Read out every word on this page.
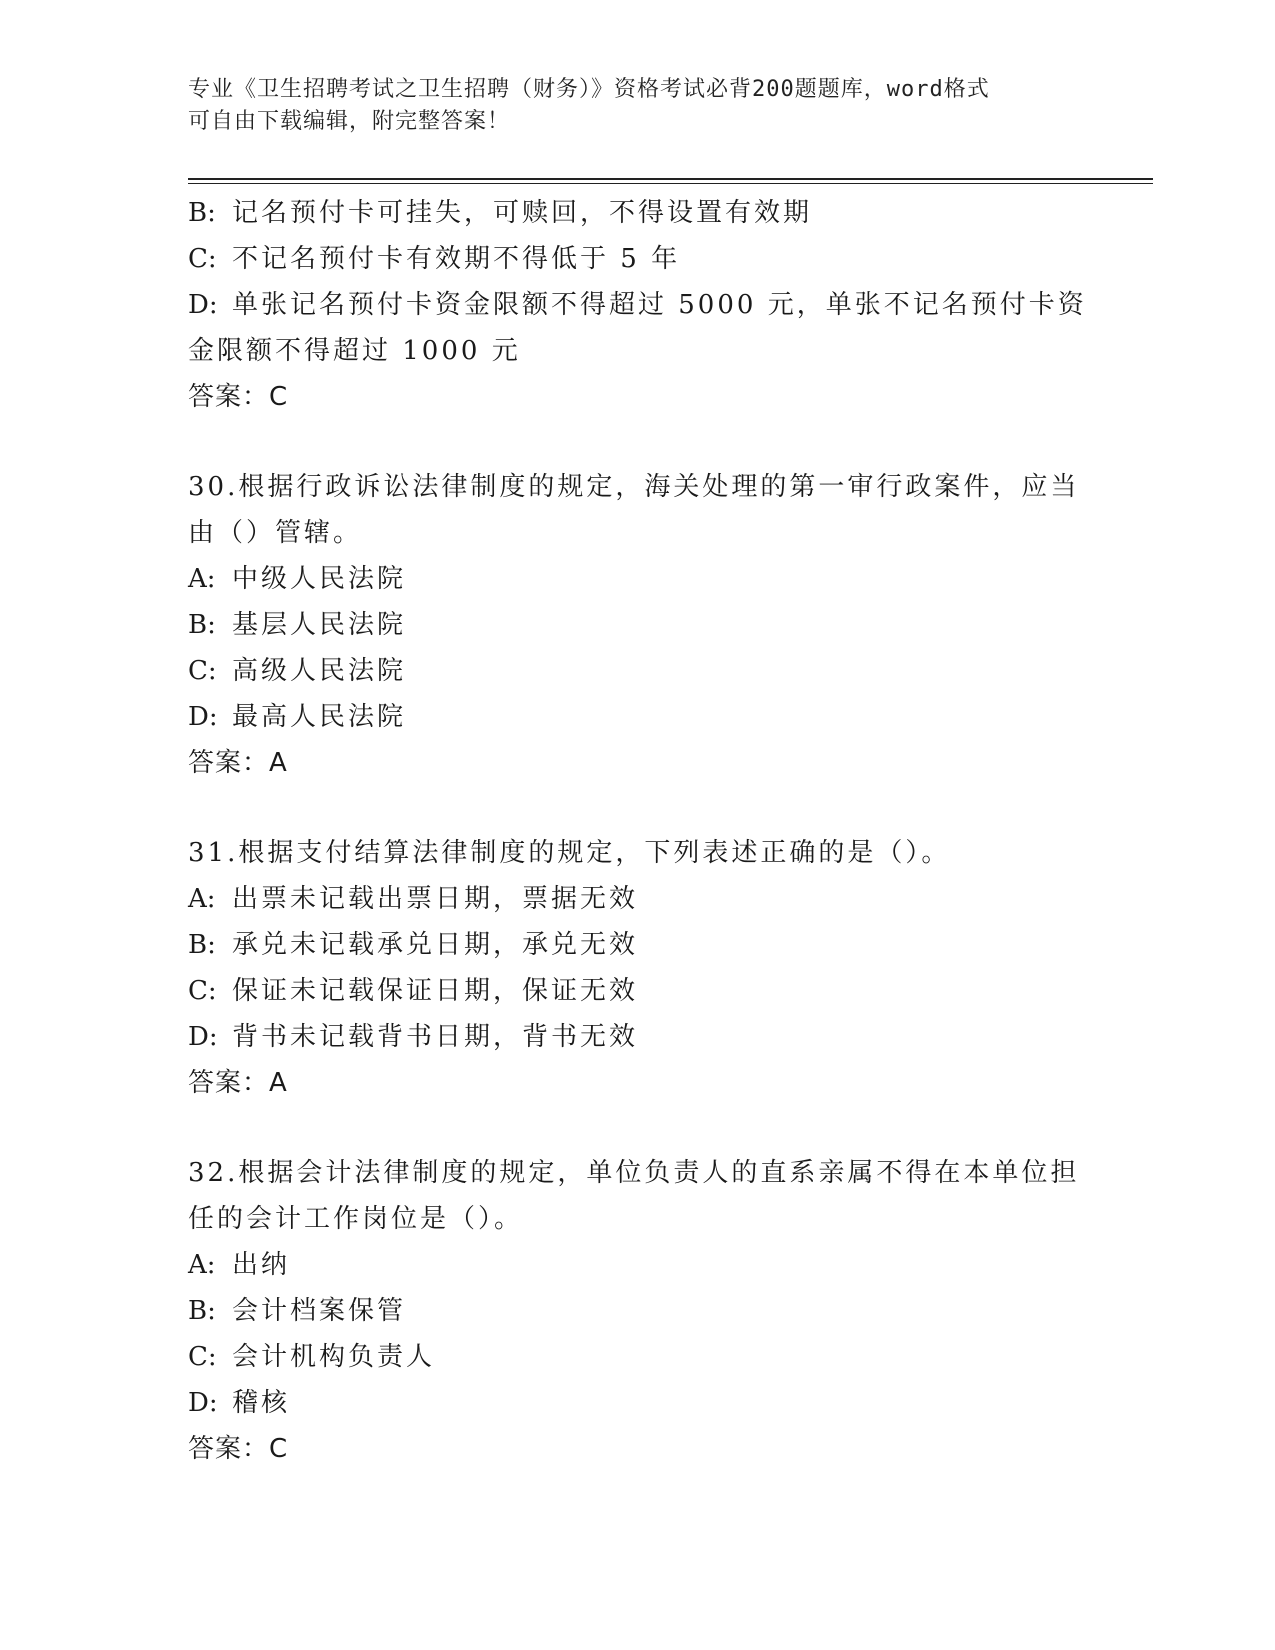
专业《卫生招聘考试之卫生招聘（财务）》资格考试必背200题题库，word格式
可自由下载编辑，附完整答案！
B: 记名预付卡可挂失，可赎回，不得设置有效期
C: 不记名预付卡有效期不得低于 5 年
D: 单张记名预付卡资金限额不得超过 5000 元，单张不记名预付卡资
金限额不得超过 1000 元
答案：C
30.根据行政诉讼法律制度的规定，海关处理的第一审行政案件，应当
由（）管辖。
A: 中级人民法院
B: 基层人民法院
C: 高级人民法院
D: 最高人民法院
答案：A
31.根据支付结算法律制度的规定，下列表述正确的是（）。
A: 出票未记载出票日期，票据无效
B: 承兑未记载承兑日期，承兑无效
C: 保证未记载保证日期，保证无效
D: 背书未记载背书日期，背书无效
答案：A
32.根据会计法律制度的规定，单位负责人的直系亲属不得在本单位担
任的会计工作岗位是（）。
A: 出纳
B: 会计档案保管
C: 会计机构负责人
D: 稽核
答案：C
